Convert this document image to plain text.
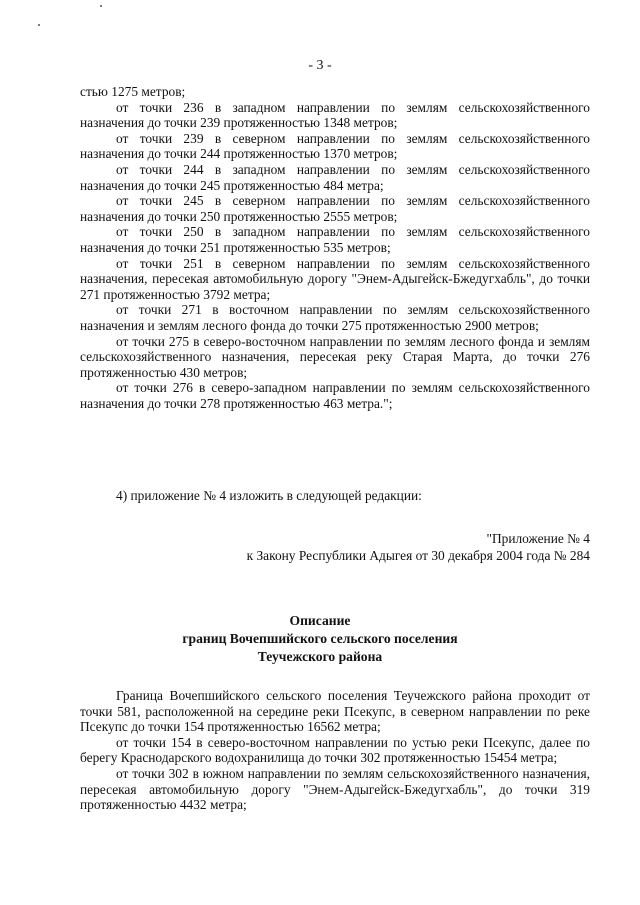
- 3 -

стью 1275 метров;

от точки 236 в западном направлении по землям сельскохозяйственного назначения до точки 239 протяженностью 1348 метров;

от точки 239 в северном направлении по землям сельскохозяйственного назначения до точки 244 протяженностью 1370 метров;

от точки 244 в западном направлении по землям сельскохозяйственного назначения до точки 245 протяженностью 484 метра;

от точки 245 в северном направлении по землям сельскохозяйственного назначения до точки 250 протяженностью 2555 метров;

от точки 250 в западном направлении по землям сельскохозяйственного назначения до точки 251 протяженностью 535 метров;

от точки 251 в северном направлении по землям сельскохозяйственного назначения, пересекая автомобильную дорогу "Энем-Адыгейск-Бжедугхабль", до точки 271 протяженностью 3792 метра;

от точки 271 в восточном направлении по землям сельскохозяйственного назначения и землям лесного фонда до точки 275 протяженностью 2900 метров;

от точки 275 в северо-восточном направлении по землям лесного фонда и землям сельскохозяйственного назначения, пересекая реку Старая Марта, до точки 276 протяженностью 430 метров;

от точки 276 в северо-западном направлении по землям сельскохозяйственного назначения до точки 278 протяженностью 463 метра.";

4) приложение № 4 изложить в следующей редакции:
"Приложение № 4
к Закону Республики Адыгея от 30 декабря 2004 года № 284
Описание
границ Вочепшийского сельского поселения
Теучежского района

Граница Вочепшийского сельского поселения Теучежского района проходит от точки 581, расположенной на середине реки Псекупс, в северном направлении по реке Псекупс до точки 154 протяженностью 16562 метра;

от точки 154 в северо-восточном направлении по устью реки Псекупс, далее по берегу Краснодарского водохранилища до точки 302 протяженностью 15454 метра;

от точки 302 в южном направлении по землям сельскохозяйственного назначения, пересекая автомобильную дорогу "Энем-Адыгейск-Бжедугхабль", до точки 319 протяженностью 4432 метра;
